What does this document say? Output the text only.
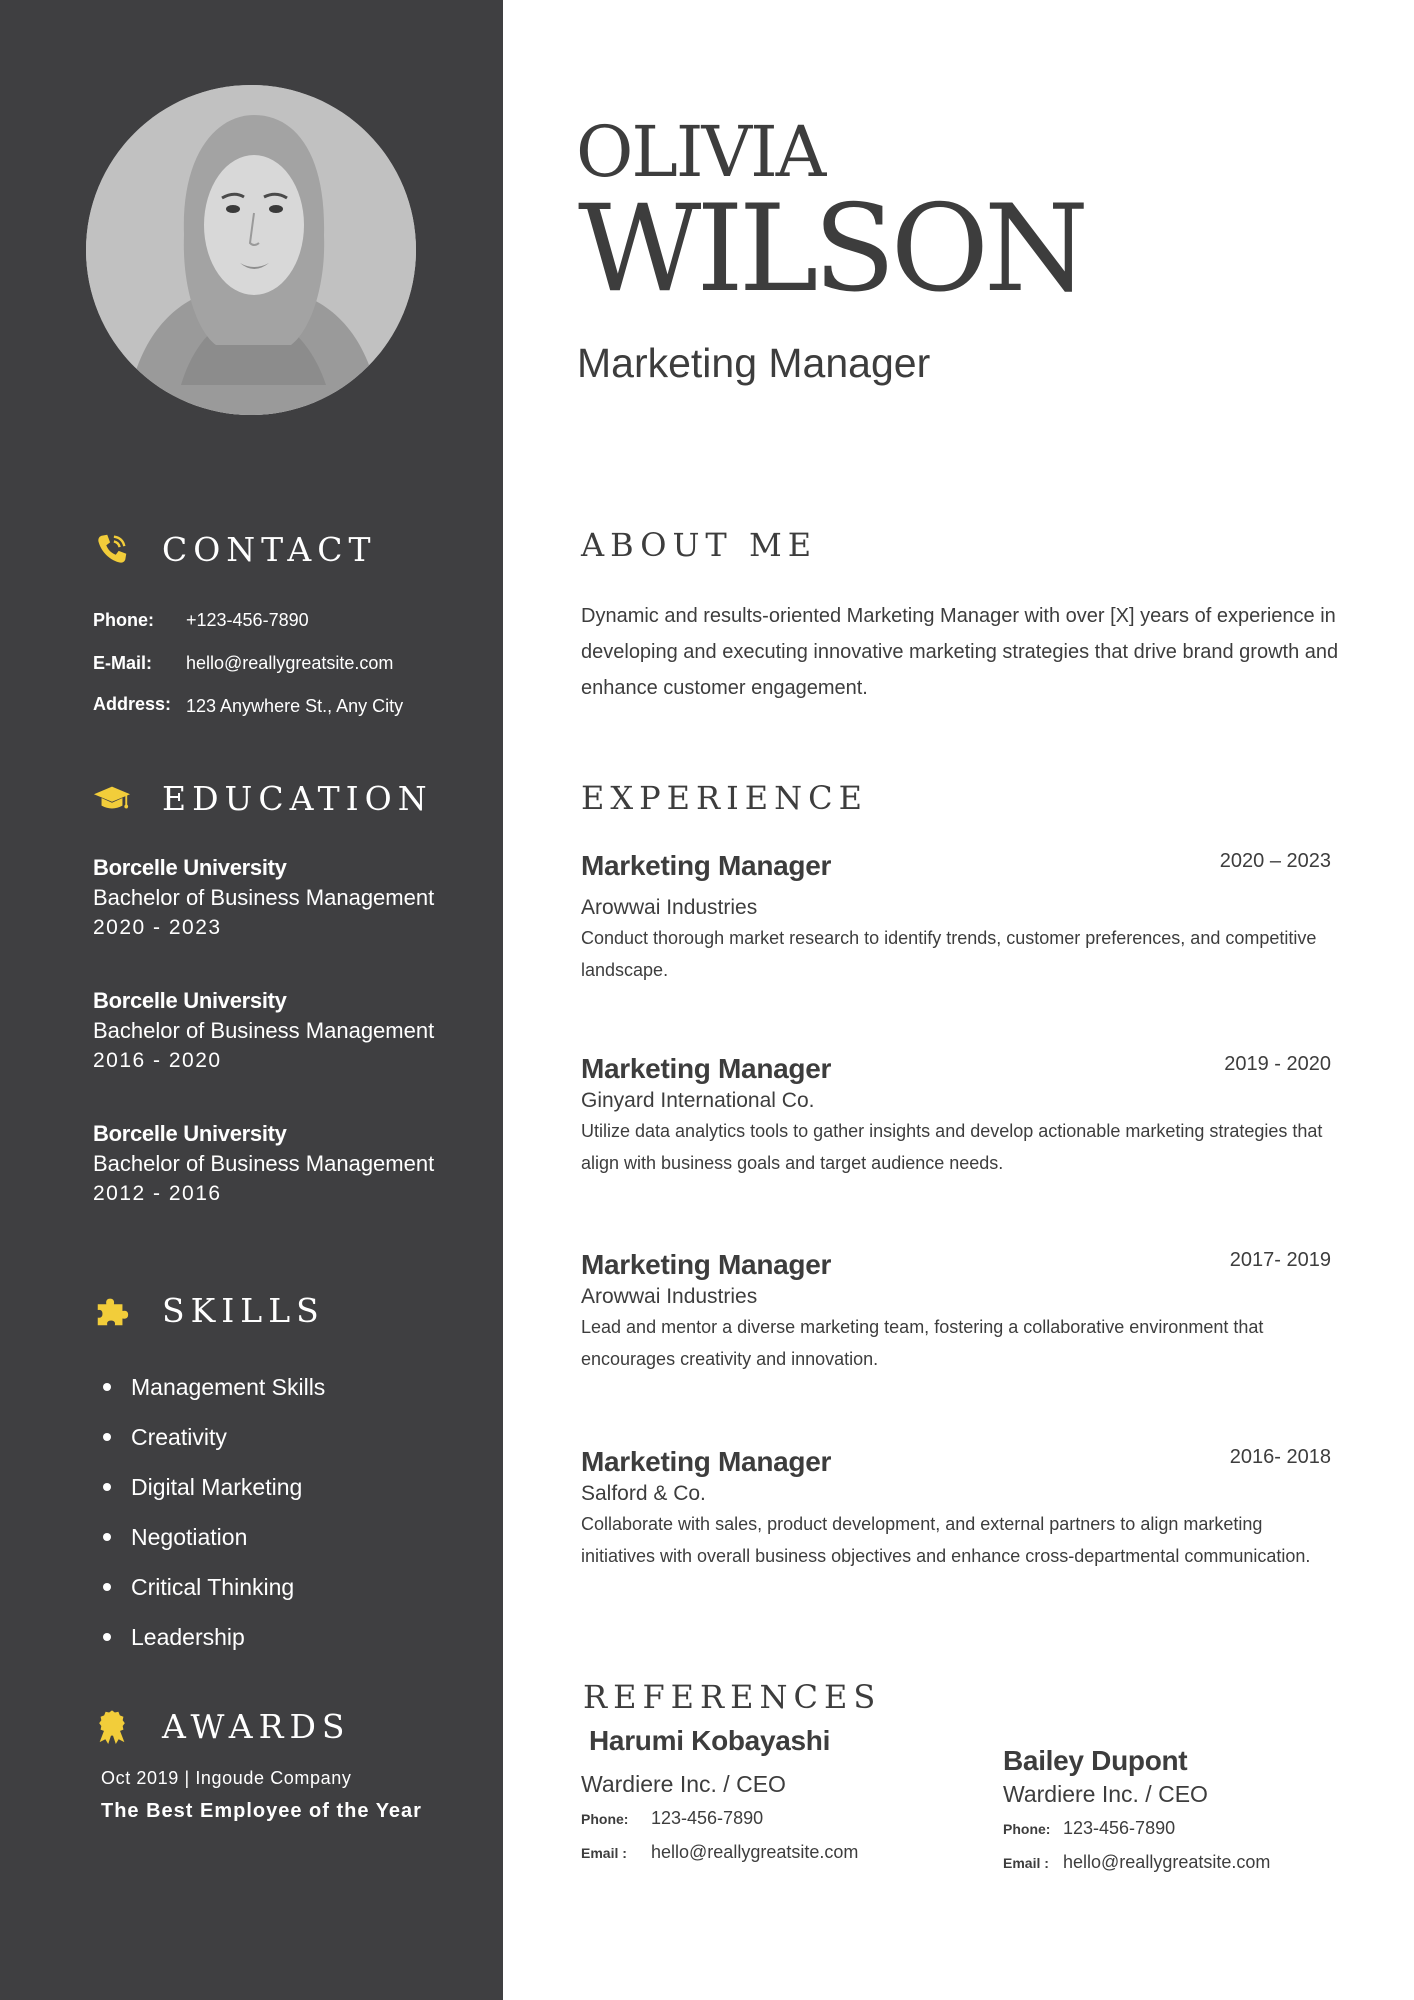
CONTACT
Phone: +123-456-7890
E-Mail: hello@reallygreatsite.com
Address: 123 Anywhere St., Any City
EDUCATION
Borcelle University
Bachelor of Business Management
2020 - 2023
Borcelle University
Bachelor of Business Management
2016 - 2020
Borcelle University
Bachelor of Business Management
2012 - 2016
SKILLS
Management Skills
Creativity
Digital Marketing
Negotiation
Critical Thinking
Leadership
AWARDS
Oct 2019 | Ingoude Company
The Best Employee of the Year
OLIVIA
WILSON
Marketing Manager
ABOUT ME
Dynamic and results-oriented Marketing Manager with over [X] years of experience in developing and executing innovative marketing strategies that drive brand growth and enhance customer engagement.
EXPERIENCE
Marketing Manager	2020 – 2023
Arowwai Industries
Conduct thorough market research to identify trends, customer preferences, and competitive landscape.
Marketing Manager	2019 - 2020
Ginyard International Co.
Utilize data analytics tools to gather insights and develop actionable marketing strategies that align with business goals and target audience needs.
Marketing Manager	2017- 2019
Arowwai Industries
Lead and mentor a diverse marketing team, fostering a collaborative environment that encourages creativity and innovation.
Marketing Manager	2016- 2018
Salford & Co.
Collaborate with sales, product development, and external partners to align marketing initiatives with overall business objectives and enhance cross-departmental communication.
REFERENCES
Harumi Kobayashi
Wardiere Inc. / CEO
Phone: 123-456-7890
Email : hello@reallygreatsite.com
Bailey Dupont
Wardiere Inc. / CEO
Phone: 123-456-7890
Email : hello@reallygreatsite.com
